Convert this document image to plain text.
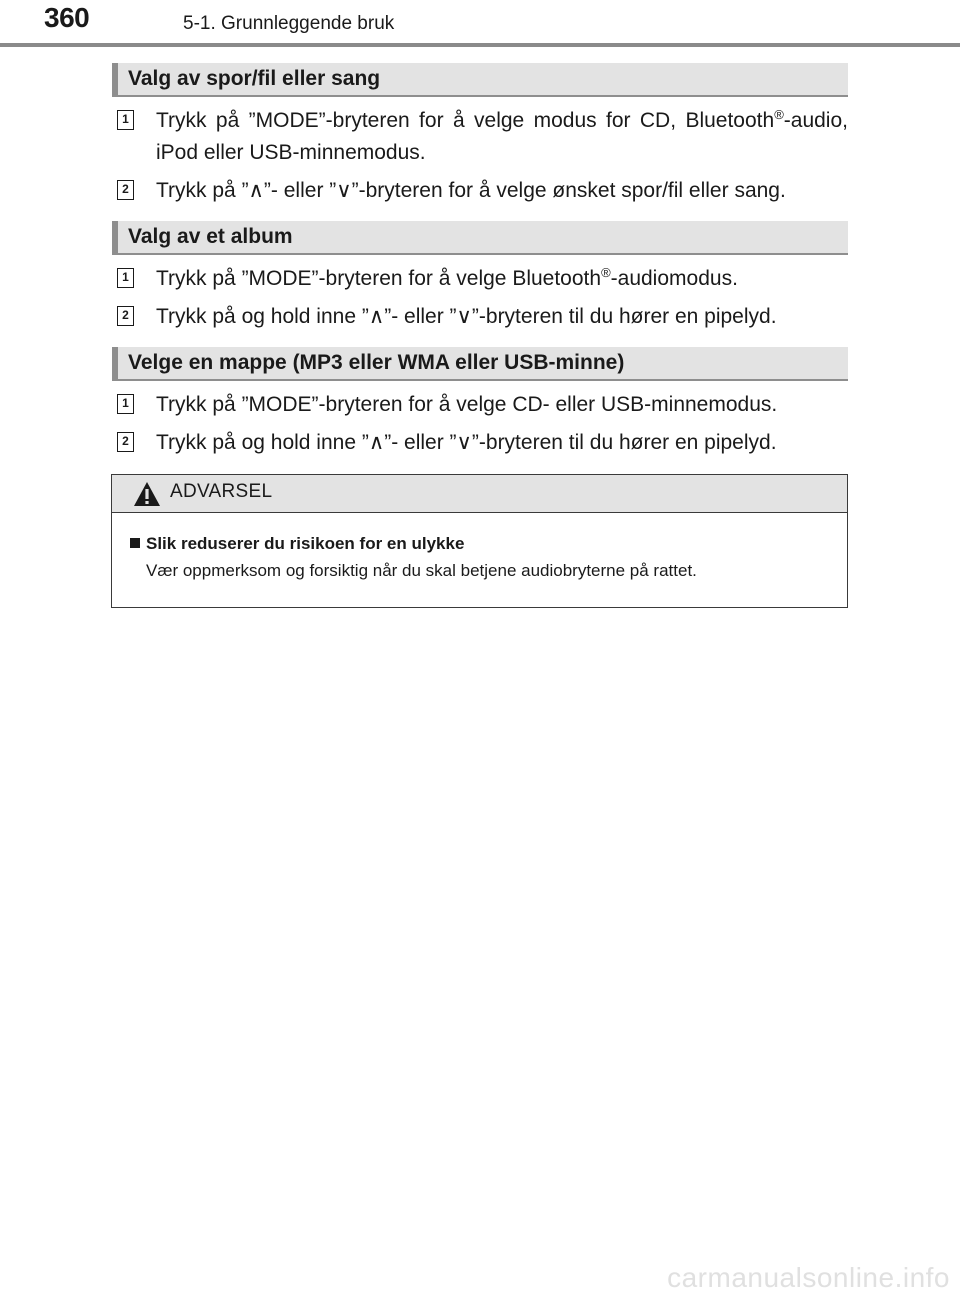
360	5-1. Grunnleggende bruk
Valg av spor/fil eller sang
1 Trykk på ”MODE”-bryteren for å velge modus for CD, Bluetooth®-audio, iPod eller USB-minnemodus.
2 Trykk på ”∧”- eller ”∨”-bryteren for å velge ønsket spor/fil eller sang.
Valg av et album
1 Trykk på ”MODE”-bryteren for å velge Bluetooth®-audiomodus.
2 Trykk på og hold inne ”∧”- eller ”∨”-bryteren til du hører en pipelyd.
Velge en mappe (MP3 eller WMA eller USB-minne)
1 Trykk på ”MODE”-bryteren for å velge CD- eller USB-minnemodus.
2 Trykk på og hold inne ”∧”- eller ”∨”-bryteren til du hører en pipelyd.
ADVARSEL
Slik reduserer du risikoen for en ulykke
Vær oppmerksom og forsiktig når du skal betjene audiobryterne på rattet.
carmanualsonline.info
